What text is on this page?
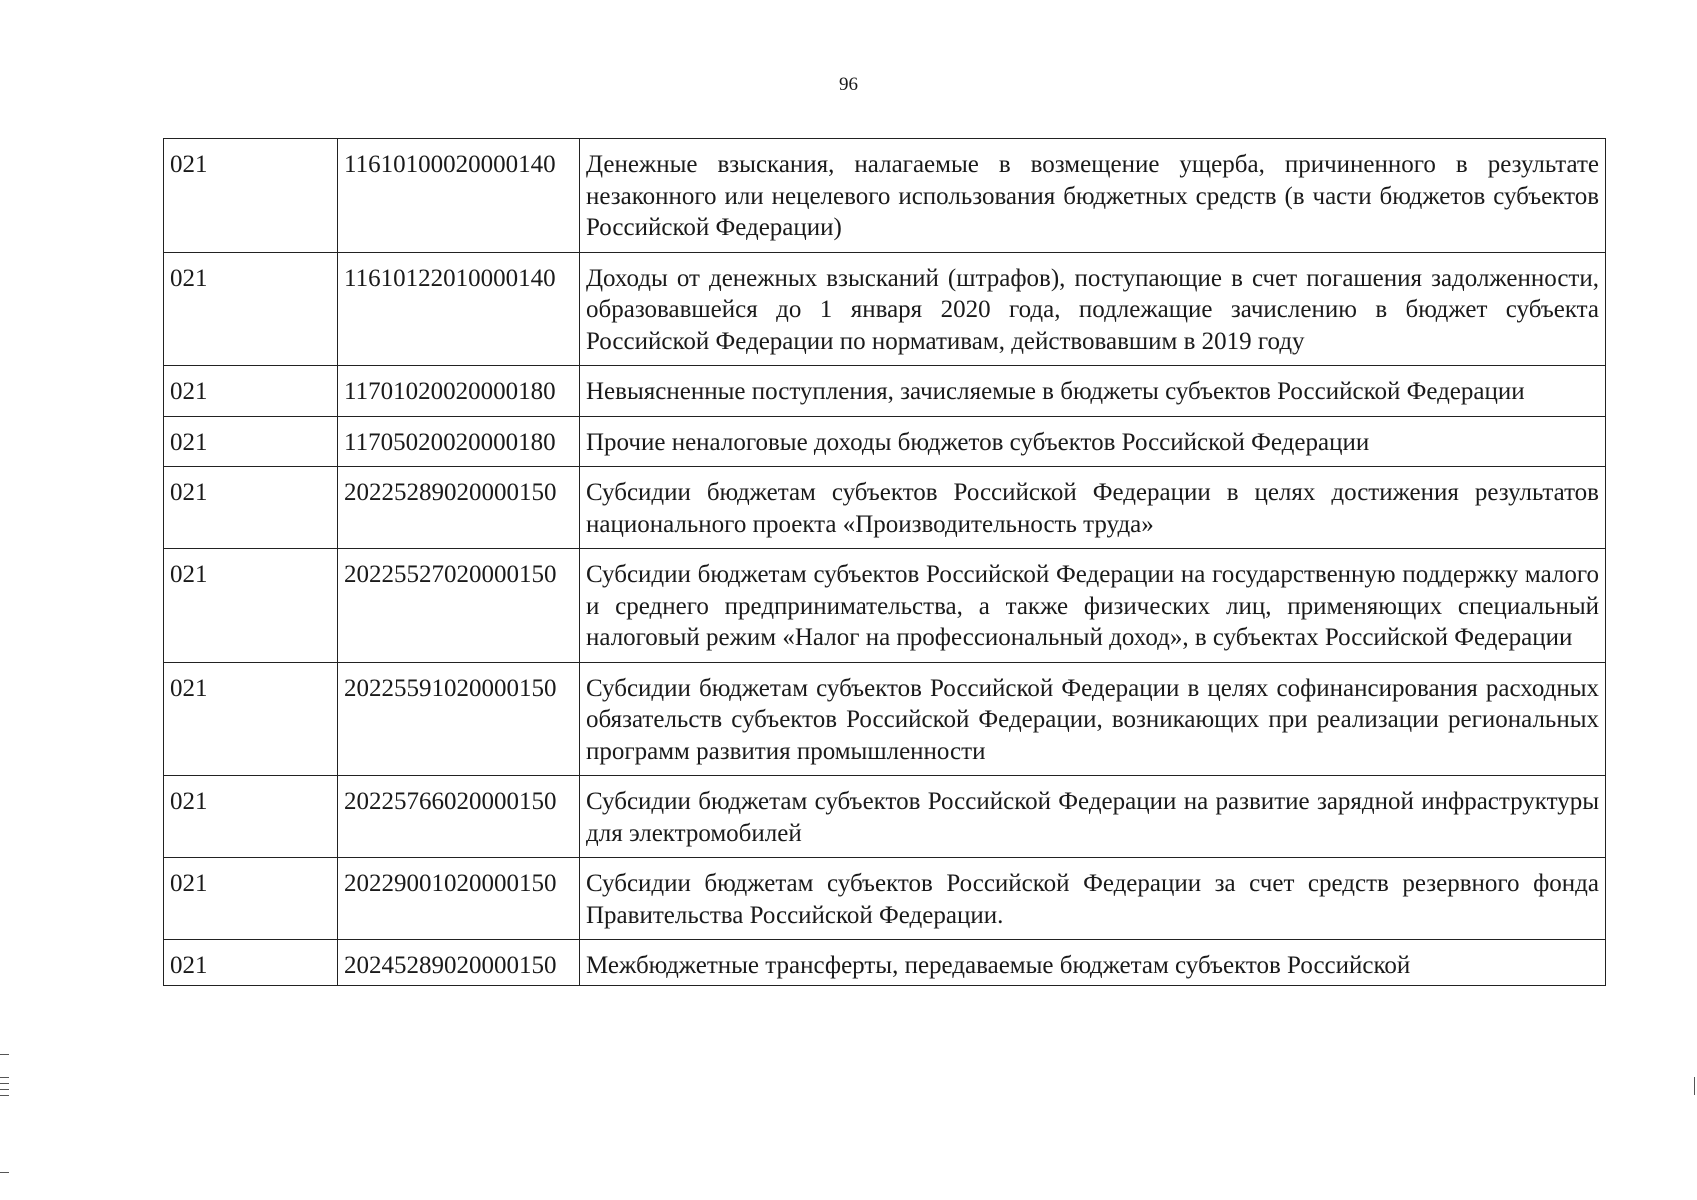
96
021	11610100020000140	Денежные взыскания, налагаемые в возмещение ущерба, причиненного в результате незаконного или нецелевого использования бюджетных средств (в части бюджетов субъектов Российской Федерации)
021	11610122010000140	Доходы от денежных взысканий (штрафов), поступающие в счет погашения задолженности, образовавшейся до 1 января 2020 года, подлежащие зачислению в бюджет субъекта Российской Федерации по нормативам, действовавшим в 2019 году
021	11701020020000180	Невыясненные поступления, зачисляемые в бюджеты субъектов Российской Федерации
021	11705020020000180	Прочие неналоговые доходы бюджетов субъектов Российской Федерации
021	20225289020000150	Субсидии бюджетам субъектов Российской Федерации в целях достижения результатов национального проекта «Производительность труда»
021	20225527020000150	Субсидии бюджетам субъектов Российской Федерации на государственную поддержку малого и среднего предпринимательства, а также физических лиц, применяющих специальный налоговый режим «Налог на профессиональный доход», в субъектах Российской Федерации
021	20225591020000150	Субсидии бюджетам субъектов Российской Федерации в целях софинансирования расходных обязательств субъектов Российской Федерации, возникающих при реализации региональных программ развития промышленности
021	20225766020000150	Субсидии бюджетам субъектов Российской Федерации на развитие зарядной инфраструктуры для электромобилей
021	20229001020000150	Субсидии бюджетам субъектов Российской Федерации за счет средств резервного фонда Правительства Российской Федерации.
021	20245289020000150	Межбюджетные трансферты, передаваемые бюджетам субъектов Российской
